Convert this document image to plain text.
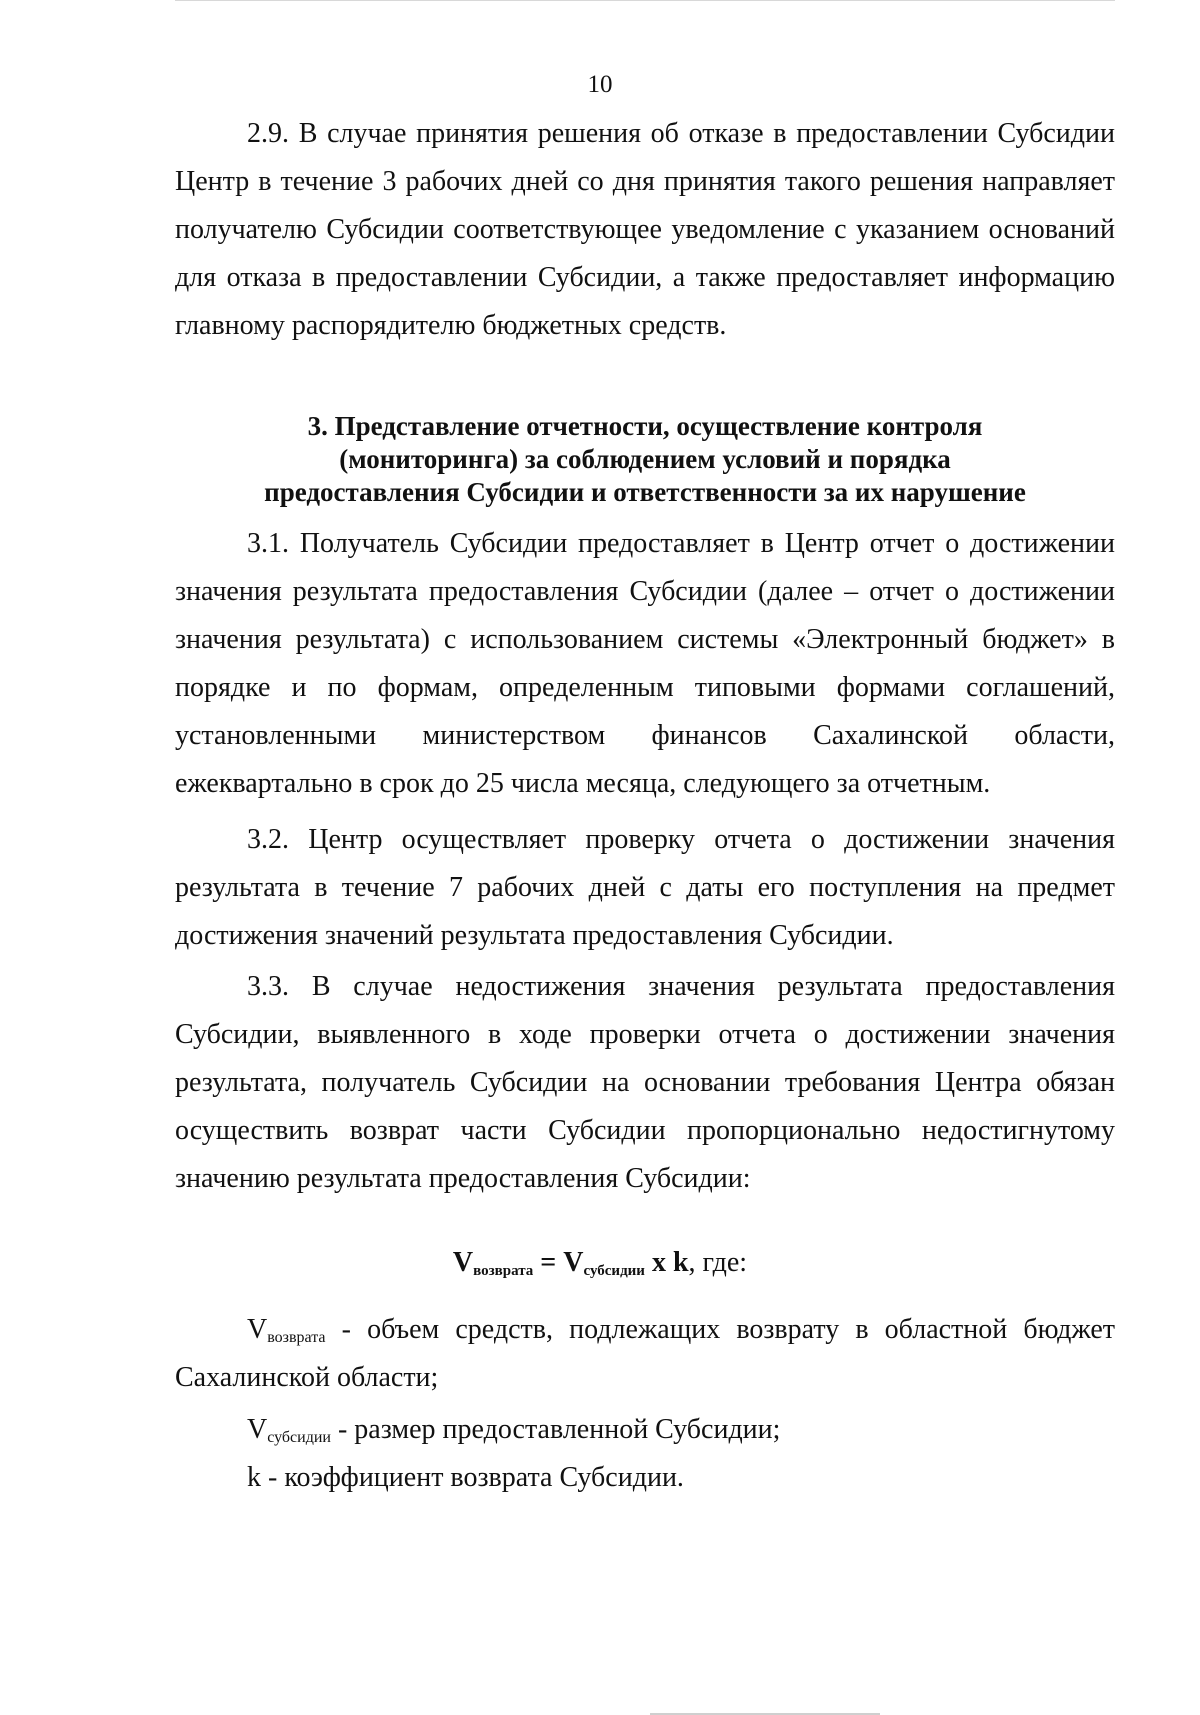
10
2.9. В случае принятия решения об отказе в предоставлении Субсидии
Центр в течение 3 рабочих дней со дня принятия такого решения направляет
получателю Субсидии соответствующее уведомление с указанием оснований
для отказа в предоставлении Субсидии, а также предоставляет информацию
главному распорядителю бюджетных средств.
3. Представление отчетности, осуществление контроля
(мониторинга) за соблюдением условий и порядка
предоставления Субсидии и ответственности за их нарушение
3.1. Получатель Субсидии предоставляет в Центр отчет о достижении
значения результата предоставления Субсидии (далее – отчет о достижении
значения результата) с использованием системы «Электронный бюджет» в
порядке и по формам, определенным типовыми формами соглашений,
установленными министерством финансов Сахалинской области,
ежеквартально в срок до 25 числа месяца, следующего за отчетным.
3.2. Центр осуществляет проверку отчета о достижении значения
результата в течение 7 рабочих дней с даты его поступления на предмет
достижения значений результата предоставления Субсидии.
3.3. В случае недостижения значения результата предоставления
Субсидии, выявленного в ходе проверки отчета о достижении значения
результата, получатель Субсидии на основании требования Центра обязан
осуществить возврат части Субсидии пропорционально недостигнутому
значению результата предоставления Субсидии:
$V_{возврата} = V_{субсидии}$ x k, где:
Vвозврата - объем средств, подлежащих возврату в областной бюджет
Сахалинской области;
$V_{субсидии}$ - размер предоставленной Субсидии;
k - коэффициент возврата Субсидии.
